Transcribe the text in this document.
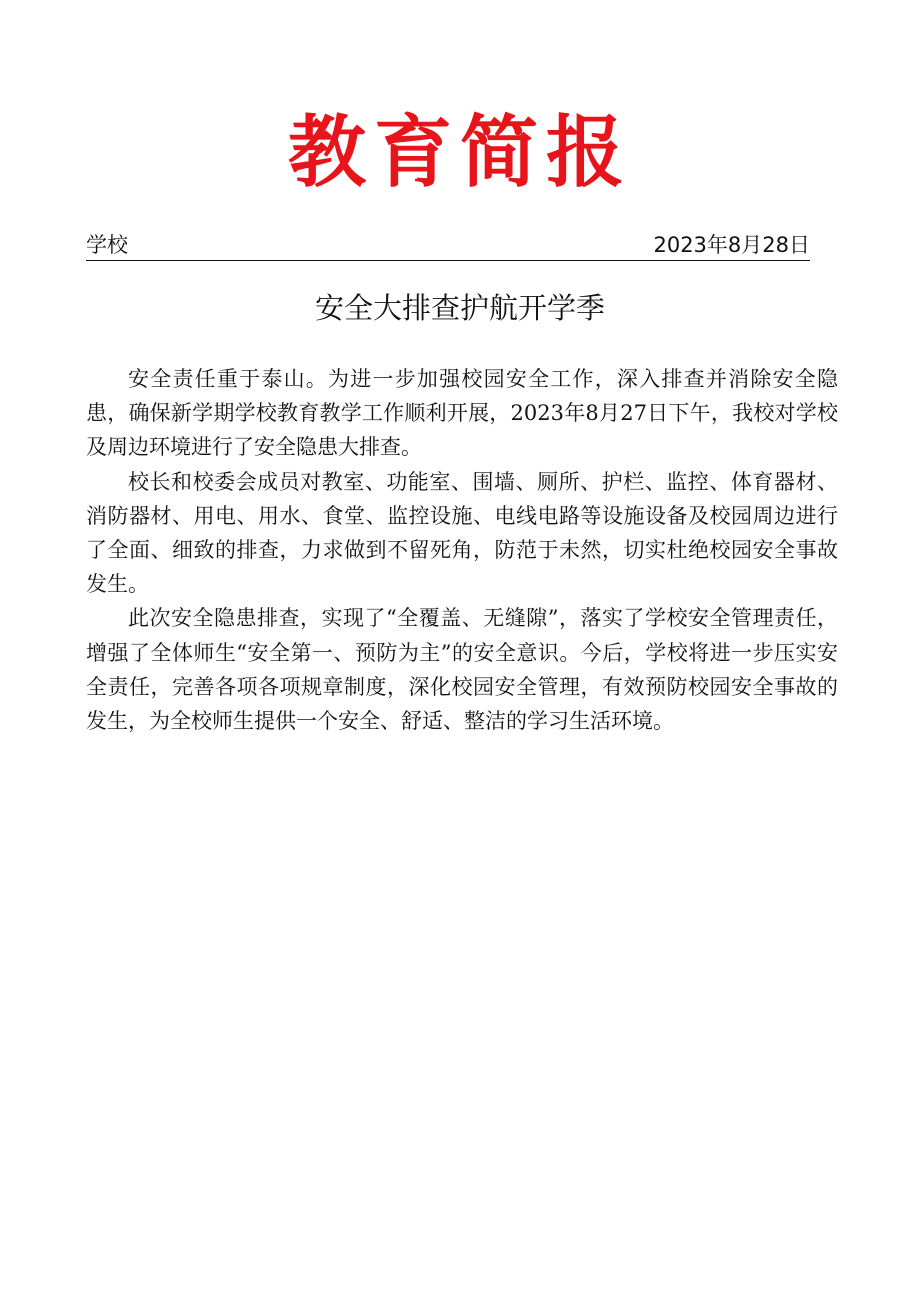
教育简报
学校	2023年8月28日
安全大排查护航开学季

安全责任重于泰山。为进一步加强校园安全工作，深入排查并消除安全隐患，确保新学期学校教育教学工作顺利开展，2023年8月27日下午，我校对学校及周边环境进行了安全隐患大排查。

校长和校委会成员对教室、功能室、围墙、厕所、护栏、监控、体育器材、消防器材、用电、用水、食堂、监控设施、电线电路等设施设备及校园周边进行了全面、细致的排查，力求做到不留死角，防范于未然，切实杜绝校园安全事故发生。

此次安全隐患排查，实现了“全覆盖、无缝隙”，落实了学校安全管理责任，增强了全体师生“安全第一、预防为主”的安全意识。今后，学校将进一步压实安全责任，完善各项各项规章制度，深化校园安全管理，有效预防校园安全事故的发生，为全校师生提供一个安全、舒适、整洁的学习生活环境。
